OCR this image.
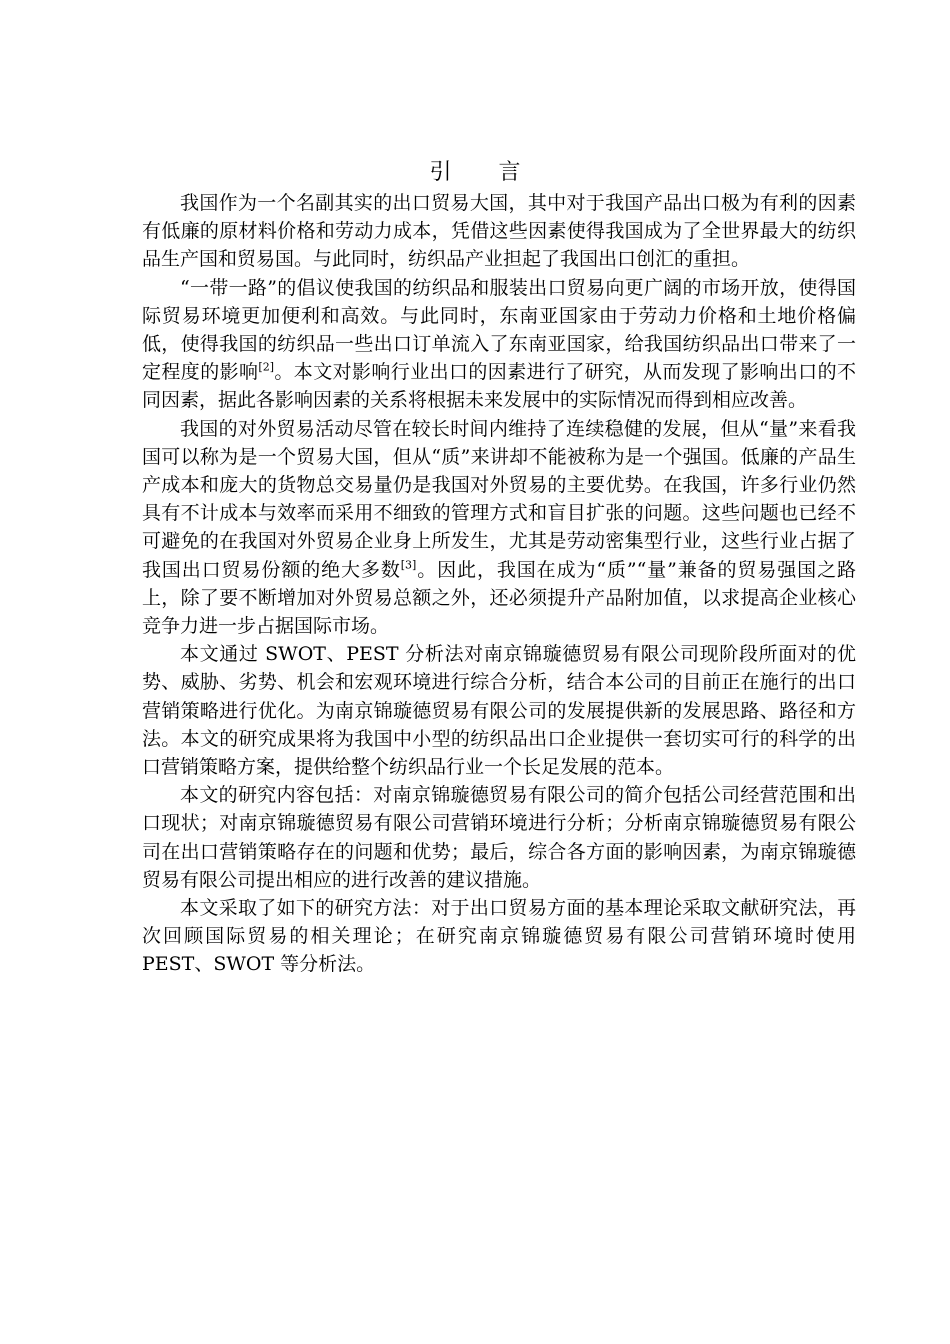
引 言

我国作为一个名副其实的出口贸易大国，其中对于我国产品出口极为有利的因素有低廉的原材料价格和劳动力成本，凭借这些因素使得我国成为了全世界最大的纺织品生产国和贸易国。与此同时，纺织品产业担起了我国出口创汇的重担。

“一带一路”的倡议使我国的纺织品和服装出口贸易向更广阔的市场开放，使得国际贸易环境更加便利和高效。与此同时，东南亚国家由于劳动力价格和土地价格偏低，使得我国的纺织品一些出口订单流入了东南亚国家，给我国纺织品出口带来了一定程度的影响[2]。本文对影响行业出口的因素进行了研究，从而发现了影响出口的不同因素，据此各影响因素的关系将根据未来发展中的实际情况而得到相应改善。

我国的对外贸易活动尽管在较长时间内维持了连续稳健的发展，但从“量”来看我国可以称为是一个贸易大国，但从“质”来讲却不能被称为是一个强国。低廉的产品生产成本和庞大的货物总交易量仍是我国对外贸易的主要优势。在我国，许多行业仍然具有不计成本与效率而采用不细致的管理方式和盲目扩张的问题。这些问题也已经不可避免的在我国对外贸易企业身上所发生，尤其是劳动密集型行业，这些行业占据了我国出口贸易份额的绝大多数[3]。因此，我国在成为“质”“量”兼备的贸易强国之路上，除了要不断增加对外贸易总额之外，还必须提升产品附加值，以求提高企业核心竞争力进一步占据国际市场。

本文通过 SWOT、PEST 分析法对南京锦璇德贸易有限公司现阶段所面对的优势、威胁、劣势、机会和宏观环境进行综合分析，结合本公司的目前正在施行的出口营销策略进行优化。为南京锦璇德贸易有限公司的发展提供新的发展思路、路径和方法。本文的研究成果将为我国中小型的纺织品出口企业提供一套切实可行的科学的出口营销策略方案，提供给整个纺织品行业一个长足发展的范本。

本文的研究内容包括：对南京锦璇德贸易有限公司的简介包括公司经营范围和出口现状；对南京锦璇德贸易有限公司营销环境进行分析；分析南京锦璇德贸易有限公司在出口营销策略存在的问题和优势；最后，综合各方面的影响因素，为南京锦璇德贸易有限公司提出相应的进行改善的建议措施。

本文采取了如下的研究方法：对于出口贸易方面的基本理论采取文献研究法，再次回顾国际贸易的相关理论；在研究南京锦璇德贸易有限公司营销环境时使用 PEST、SWOT 等分析法。
